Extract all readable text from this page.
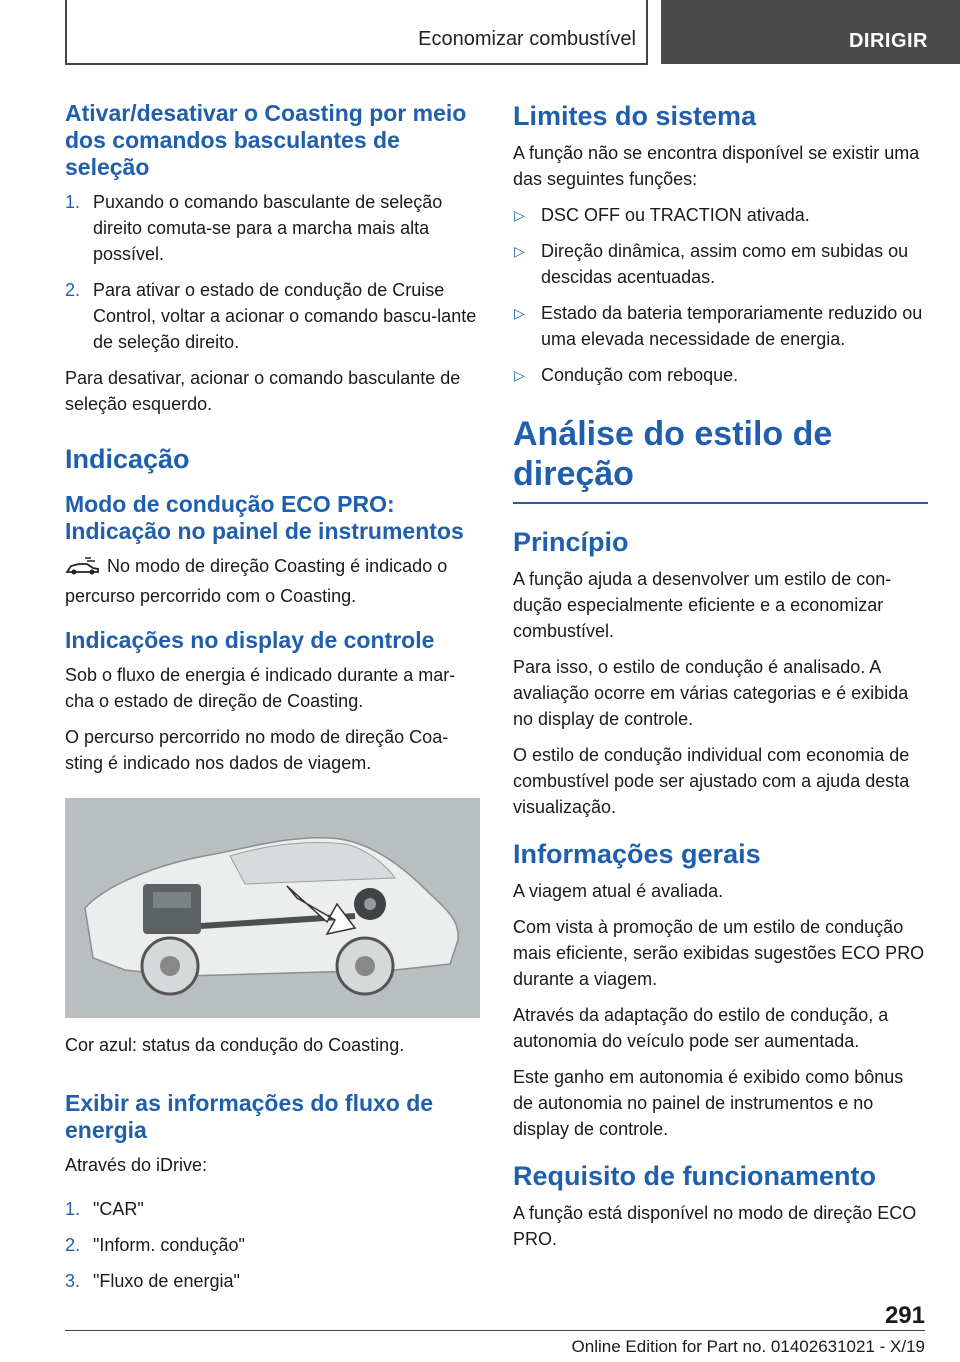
Economizar combustível	DIRIGIR
Ativar/desativar o Coasting por meio dos comandos basculantes de seleção
1. Puxando o comando basculante de seleção direito comuta-se para a marcha mais alta possível.
2. Para ativar o estado de condução de Cruise Control, voltar a acionar o comando bascu‐lante de seleção direito.

Para desativar, acionar o comando basculante de seleção esquerdo.

Indicação
Modo de condução ECO PRO: Indicação no painel de instrumentos

No modo de direção Coasting é indicado o percurso percorrido com o Coasting.

Indicações no display de controle

Sob o fluxo de energia é indicado durante a mar‐cha o estado de direção de Coasting.

O percurso percorrido no modo de direção Coa‐sting é indicado nos dados de viagem.

Cor azul: status da condução do Coasting.

Exibir as informações do fluxo de energia

Através do iDrive:

1. "CAR"
2. "Inform. condução"
3. "Fluxo de energia"
Limites do sistema

A função não se encontra disponível se existir uma das seguintes funções:

▷ DSC OFF ou TRACTION ativada.
▷ Direção dinâmica, assim como em subidas ou descidas acentuadas.
▷ Estado da bateria temporariamente reduzido ou uma elevada necessidade de energia.
▷ Condução com reboque.
Análise do estilo de direção
Princípio

A função ajuda a desenvolver um estilo de con‐dução especialmente eficiente e a economizar combustível.

Para isso, o estilo de condução é analisado. A avaliação ocorre em várias categorias e é exibida no display de controle.

O estilo de condução individual com economia de combustível pode ser ajustado com a ajuda desta visualização.

Informações gerais

A viagem atual é avaliada.

Com vista à promoção de um estilo de condução mais eficiente, serão exibidas sugestões ECO PRO durante a viagem.

Através da adaptação do estilo de condução, a autonomia do veículo pode ser aumentada.

Este ganho em autonomia é exibido como bônus de autonomia no painel de instrumentos e no display de controle.

Requisito de funcionamento

A função está disponível no modo de direção ECO PRO.

291
Online Edition for Part no. 01402631021 - X/19
